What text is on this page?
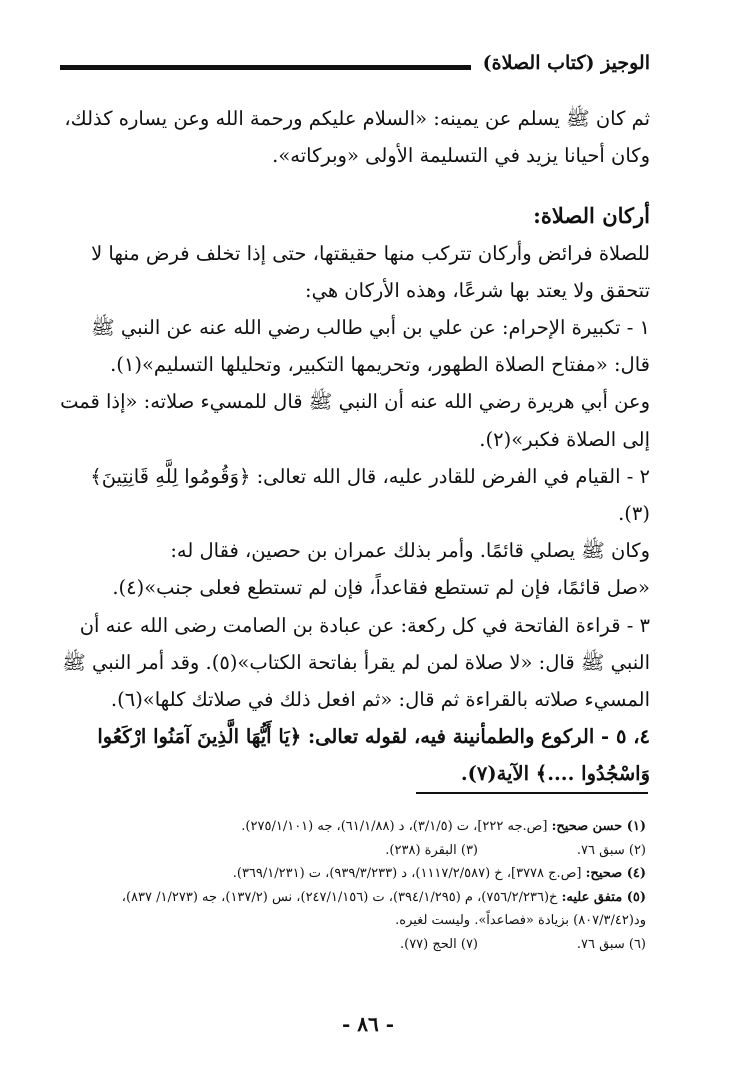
الوجيز (كتاب الصلاة)

ثم كان ﷺ يسلم عن يمينه: «السلام عليكم ورحمة الله وعن يساره كذلك، وكان أحيانا يزيد في التسليمة الأولى «وبركاته».

أركان الصلاة:

للصلاة فرائض وأركان تتركب منها حقيقتها، حتى إذا تخلف فرض منها لا تتحقق ولا يعتد بها شرعًا، وهذه الأركان هي:

١ - تكبيرة الإحرام: عن علي بن أبي طالب رضي الله عنه عن النبي ﷺ قال: «مفتاح الصلاة الطهور، وتحريمها التكبير، وتحليلها التسليم»(١).

وعن أبي هريرة رضي الله عنه أن النبي ﷺ قال للمسيء صلاته: «إذا قمت إلى الصلاة فكبر»(٢).

٢ - القيام في الفرض للقادر عليه، قال الله تعالى: ﴿وَقُومُوا لِلَّهِ قَانِتِينَ﴾(٣).

وكان ﷺ يصلي قائمًا. وأمر بذلك عمران بن حصين، فقال له:

«صل قائمًا، فإن لم تستطع فقاعداً، فإن لم تستطع فعلى جنب»(٤).

٣ - قراءة الفاتحة في كل ركعة: عن عبادة بن الصامت رضى الله عنه أن النبي ﷺ قال: «لا صلاة لمن لم يقرأ بفاتحة الكتاب»(٥). وقد أمر النبي ﷺ المسيء صلاته بالقراءة ثم قال: «ثم افعل ذلك في صلاتك كلها»(٦).

٤، ٥ - الركوع والطمأنينة فيه، لقوله تعالى: ﴿يَا أَيُّهَا الَّذِينَ آمَنُوا ارْكَعُوا وَاسْجُدُوا ....﴾ الآية(٧).

(١) حسن صحيح: [ص.جه ٢٢٢]، ت (٣/١/٥)، د (٦١/١/٨٨)، جه (٢٧٥/١/١٠١).

(٢) سبق ٧٦.
(٣) البقرة (٢٣٨).

(٤) صحيح: [ص.ج ٣٧٧٨]، خ (١١١٧/٢/٥٨٧)، د (٩٣٩/٣/٢٣٣)، ت (٣٦٩/١/٢٣١).

(٥) متفق عليه: خ(٧٥٦/٢/٢٣٦)، م (٣٩٤/١/٢٩٥)، ت (٢٤٧/١/١٥٦)، نس (١٣٧/٢)، جه (١/٢٧٣/ ٨٣٧)، ود(٨٠٧/٣/٤٢) بزيادة «فصاعداً». وليست لغيره.

(٦) سبق ٧٦.
(٧) الحج (٧٧).

- ٨٦ -
